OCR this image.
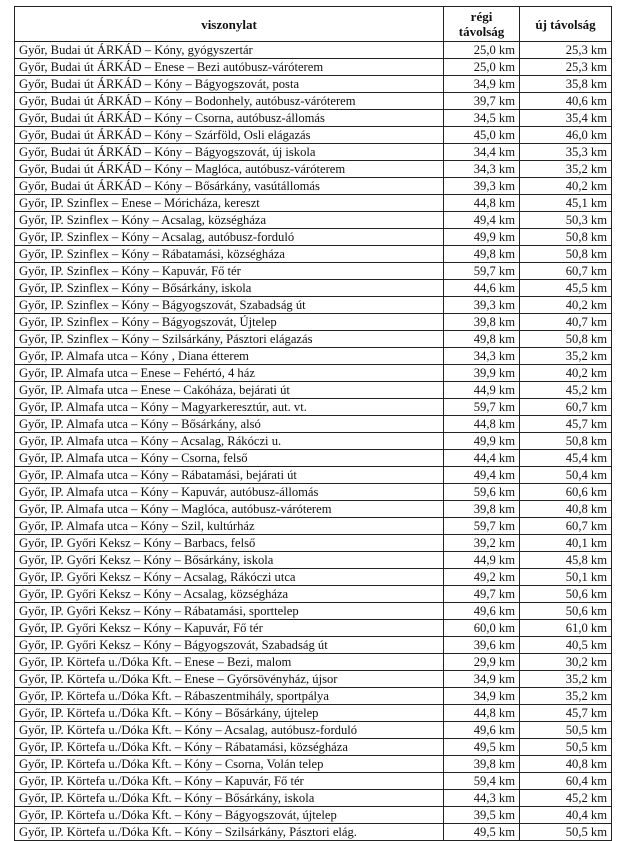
viszonylat	régi távolság	új távolság
Győr, Budai út ÁRKÁD – Kóny, gyógyszertár	25,0 km	25,3 km
Győr, Budai út ÁRKÁD – Enese – Bezi autóbusz-váróterem	25,0 km	25,3 km
Győr, Budai út ÁRKÁD – Kóny – Bágyogszovát, posta	34,9 km	35,8 km
Győr, Budai út ÁRKÁD – Kóny – Bodonhely, autóbusz-váróterem	39,7 km	40,6 km
Győr, Budai út ÁRKÁD – Kóny – Csorna, autóbusz-állomás	34,5 km	35,4 km
Győr, Budai út ÁRKÁD – Kóny – Szárföld, Osli elágazás	45,0 km	46,0 km
Győr, Budai út ÁRKÁD – Kóny – Bágyogszovát, új iskola	34,4 km	35,3 km
Győr, Budai út ÁRKÁD – Kóny – Maglóca, autóbusz-váróterem	34,3 km	35,2 km
Győr, Budai út ÁRKÁD – Kóny – Bősárkány, vasútállomás	39,3 km	40,2 km
Győr, IP. Szinflex – Enese – Móricháza, kereszt	44,8 km	45,1 km
Győr, IP. Szinflex – Kóny – Acsalag, községháza	49,4 km	50,3 km
Győr, IP. Szinflex – Kóny – Acsalag, autóbusz-forduló	49,9 km	50,8 km
Győr, IP. Szinflex – Kóny – Rábatamási, községháza	49,8 km	50,8 km
Győr, IP. Szinflex – Kóny – Kapuvár, Fő tér	59,7 km	60,7 km
Győr, IP. Szinflex – Kóny – Bősárkány, iskola	44,6 km	45,5 km
Győr, IP. Szinflex – Kóny – Bágyogszovát, Szabadság út	39,3 km	40,2 km
Győr, IP. Szinflex – Kóny – Bágyogszovát, Újtelep	39,8 km	40,7 km
Győr, IP. Szinflex – Kóny – Szilsárkány, Pásztori elágazás	49,8 km	50,8 km
Győr, IP. Almafa utca – Kóny , Diana étterem	34,3 km	35,2 km
Győr, IP. Almafa utca – Enese – Fehértó, 4 ház	39,9 km	40,2 km
Győr, IP. Almafa utca – Enese – Cakóháza, bejárati út	44,9 km	45,2 km
Győr, IP. Almafa utca – Kóny – Magyarkeresztúr, aut. vt.	59,7 km	60,7 km
Győr, IP. Almafa utca – Kóny – Bősárkány, alsó	44,8 km	45,7 km
Győr, IP. Almafa utca – Kóny – Acsalag, Rákóczi u.	49,9 km	50,8 km
Győr, IP. Almafa utca – Kóny – Csorna, felső	44,4 km	45,4 km
Győr, IP. Almafa utca – Kóny – Rábatamási, bejárati út	49,4 km	50,4 km
Győr, IP. Almafa utca – Kóny – Kapuvár, autóbusz-állomás	59,6 km	60,6 km
Győr, IP. Almafa utca – Kóny – Maglóca, autóbusz-váróterem	39,8 km	40,8 km
Győr, IP. Almafa utca – Kóny – Szil, kultúrház	59,7 km	60,7 km
Győr, IP. Győri Keksz – Kóny – Barbacs, felső	39,2 km	40,1 km
Győr, IP. Győri Keksz – Kóny – Bősárkány, iskola	44,9 km	45,8 km
Győr, IP. Győri Keksz – Kóny – Acsalag, Rákóczi utca	49,2 km	50,1 km
Győr, IP. Győri Keksz – Kóny – Acsalag, községháza	49,7 km	50,6 km
Győr, IP. Győri Keksz – Kóny – Rábatamási, sporttelep	49,6 km	50,6 km
Győr, IP. Győri Keksz – Kóny – Kapuvár, Fő tér	60,0 km	61,0 km
Győr, IP. Győri Keksz – Kóny – Bágyogszovát, Szabadság út	39,6 km	40,5 km
Győr, IP. Körtefa u./Dóka Kft. – Enese – Bezi, malom	29,9 km	30,2 km
Győr, IP. Körtefa u./Dóka Kft. – Enese – Győrsövényház, újsor	34,9 km	35,2 km
Győr, IP. Körtefa u./Dóka Kft. – Rábaszentmihály, sportpálya	34,9 km	35,2 km
Győr, IP. Körtefa u./Dóka Kft. – Kóny – Bősárkány, újtelep	44,8 km	45,7 km
Győr, IP. Körtefa u./Dóka Kft. – Kóny – Acsalag, autóbusz-forduló	49,6 km	50,5 km
Győr, IP. Körtefa u./Dóka Kft. – Kóny – Rábatamási, községháza	49,5 km	50,5 km
Győr, IP. Körtefa u./Dóka Kft. – Kóny – Csorna, Volán telep	39,8 km	40,8 km
Győr, IP. Körtefa u./Dóka Kft. – Kóny – Kapuvár, Fő tér	59,4 km	60,4 km
Győr, IP. Körtefa u./Dóka Kft. – Kóny – Bősárkány, iskola	44,3 km	45,2 km
Győr, IP. Körtefa u./Dóka Kft. – Kóny – Bágyogszovát, újtelep	39,5 km	40,4 km
Győr, IP. Körtefa u./Dóka Kft. – Kóny – Szilsárkány, Pásztori elág.	49,5 km	50,5 km
